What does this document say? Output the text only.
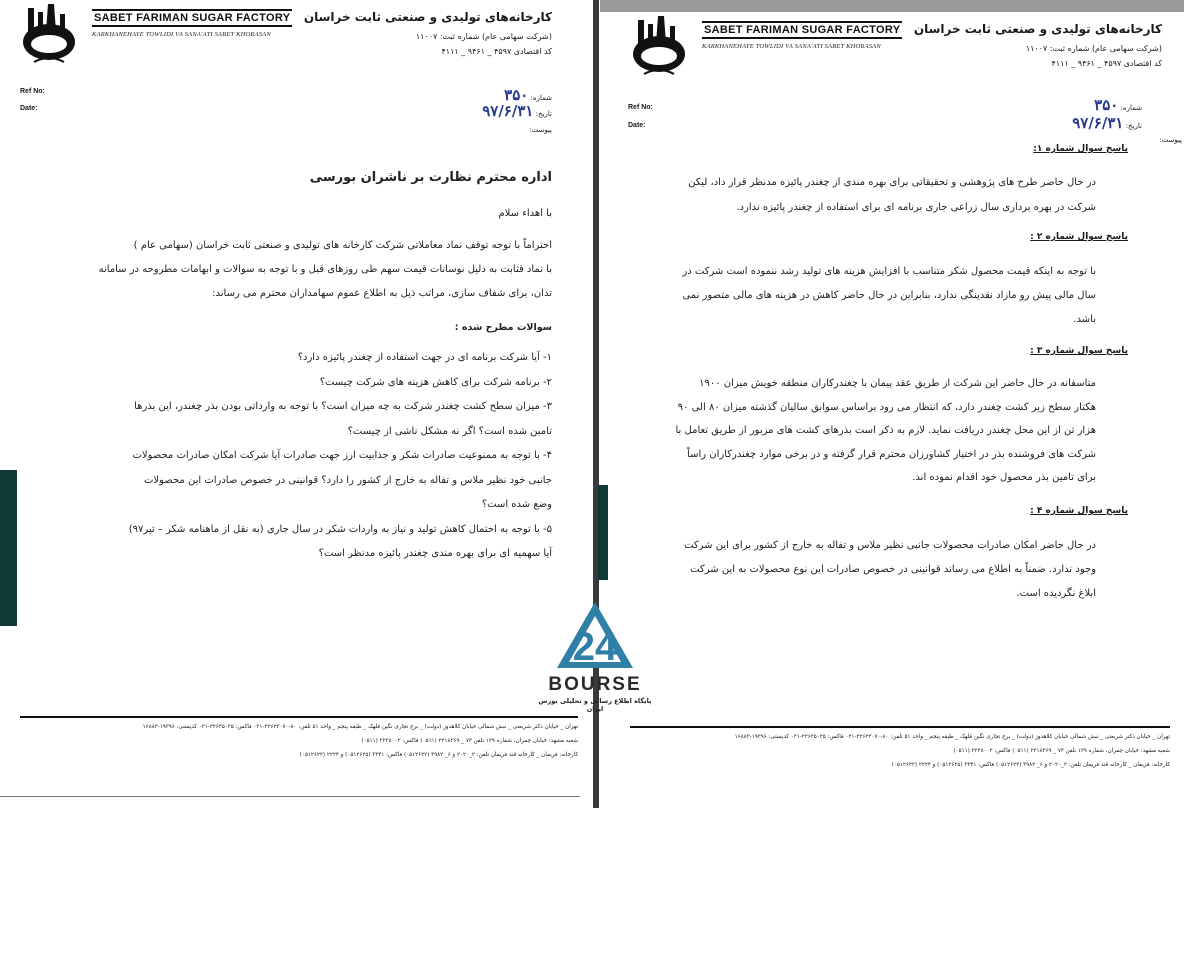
SABET FARIMAN SUGAR FACTORY
KARKHANEHAYE TOWLIDI VA SANA'ATI SABET KHORASAN
کارخانه‌های تولیدی و صنعتی ثابت خراسان
(شرکت سهامی عام) شماره ثبت: ۱۱۰۰۷
کد اقتصادی ۴۵۹۷ _ ۹۴۶۱ _ ۴۱۱۱
Ref No:
Date:
شماره: ۳۵۰
تاریخ: ۹۷/۶/۳۱
پیوست:
اداره محترم نظارت بر ناشران بورسی
با اهداء سلام
احتراماً با توجه توقف نماد معاملاتی شرکت کارخانه های تولیدی و صنعتی ثابت خراسان (سهامی عام )
با نماد قثابت به دلیل نوسانات قیمت سهم طی روزهای قبل و با توجه به سوالات و ابهامات مطروحه در سامانه
تدان، برای شفاف سازی، مراتب ذیل به اطلاع عموم سهامداران محترم می رساند:
سوالات مطرح شده :
۱- آیا شرکت برنامه ای در جهت استفاده از چغندر پائیزه دارد؟
۲- برنامه شرکت برای کاهش هزینه های شرکت چیست؟
۳- میزان سطح کشت چغندر شرکت به چه میزان است؟ با توجه به وارداتی بودن بذر چغندر، این بذرها
تامین شده است؟ اگر نه مشکل ناشی از چیست؟
۴- با توجه به ممنوعیت صادرات شکر و جذابیت ارز جهت صادرات آیا شرکت امکان صادرات محصولات
جانبی خود نظیر ملاس و تفاله به خارج از کشور را دارد؟ قوانینی در خصوص صادرات این محصولات
وضع شده است؟
۵- با توجه به احتمال کاهش تولید و نیاز به واردات شکر در سال جاری (به نقل از ماهنامه شکر – تیر۹۷)
آیا سهمیه ای برای بهره مندی چغندر پائیزه مدنظر است؟
تهران _ خیابان دکتر شریعتی _ نبش شمالی خیابان کلاهدوز (دولت) _ برج تجاری نگین قلهک _ طبقه پنجم _ واحد ۵۱ تلفن: ۸۰-۲۲۶۲۳۰۷۰-۰۲۱ فاکس: ۲۲۶۳۵۰۲۵-۰۲۱ کدپستی: ۱۹۳۹۶-۱۶۸۸۳
شعبه مشهد: خیابان چمران، شماره ۱۳۹ تلفن ۷۳ _ ۲۲۱۸۳۶۹ (۰۵۱۱) فاکس: ۲۲۳۸۰۰۲ (۰۵۱۱)
کارخانه: فریمان _ کارخانه قند فریمان تلفن: ۲_۲۰۲۰ و ۶_ ۳۹۸۲ (۰۵۱۲۶۲۲) فاکس: ۳۳۴۱ (۰۵۱۲۶۲۵) و ۲۲۲۴ (۰۵۱۲۶۲۲)
SABET FARIMAN SUGAR FACTORY
KARKHANEHAYE TOWLIDI VA SANA'ATI SABET KHORASAN
کارخانه‌های تولیدی و صنعتی ثابت خراسان
(شرکت سهامی عام) شماره ثبت: ۱۱۰۰۷
کد اقتصادی ۴۵۹۷ _ ۹۴۶۱ _ ۴۱۱۱
Ref No:
Date:
شماره: ۳۵۰
تاریخ: ۹۷/۶/۳۱
پیوست:
پاسخ سوال شماره ۱:
در حال حاضر طرح های پژوهشی و تحقیقاتی برای بهره مندی از چغندر پائیزه مدنظر قرار داد، لیکن
شرکت در بهره برداری سال زراعی جاری برنامه ای برای استفاده از چغندر پائیزه ندارد.
پاسخ سوال شماره ۲ :
با توجه به اینکه قیمت محصول شکر متناسب با افزایش هزینه های تولید رشد ننموده است شرکت در
سال مالی پیش رو مازاد نقدینگی ندارد، بنابراین در حال حاضر کاهش در هزینه های مالی متصور نمی
باشد.
پاسخ سوال شماره ۳ :
متاسفانه در حال حاضر این شرکت از طریق عقد پیمان با چغندرکاران منطقه خویش میزان ۱۹۰۰
هکتار سطح زیر کشت چغندر دارد، که انتظار می رود براساس سوابق سالیان گذشته میزان ۸۰ الی ۹۰
هزار تن از این محل چغندر دریافت نماید. لازم به ذکر است بذرهای کشت های مزبور از طریق تعامل با
شرکت های فروشنده بذر در اختیار کشاورزان محترم قرار گرفته و در برخی موارد چغندرکاران راساً
برای تامین بذر محصول خود اقدام نموده اند.
پاسخ سوال شماره ۴ :
در حال حاضر امکان صادرات محصولات جانبی نظیر ملاس و تفاله به خارج از کشور برای این شرکت
وجود ندارد. ضمناً به اطلاع می رساند قوانینی در خصوص صادرات این نوع محصولات به این شرکت
ابلاغ نگردیده است.
تهران _ خیابان دکتر شریعتی _ نبش شمالی خیابان کلاهدوز (دولت) _ برج تجاری نگین قلهک _ طبقه پنجم _ واحد ۵۱ تلفن: ۸۰-۲۲۶۲۳۰۷۰-۰۲۱ فاکس: ۲۲۶۳۵۰۲۵-۰۲۱ کدپستی: ۱۹۳۹۶-۱۶۸۸۳
شعبه مشهد: خیابان چمران، شماره ۱۳۹ تلفن ۷۳ _ ۲۲۱۸۳۶۹ (۰۵۱۱) فاکس: ۲۲۳۸۰۰۲ (۰۵۱۱)
کارخانه: فریمان _ کارخانه قند فریمان تلفن: ۲_۲۰۲۰ و ۶_ ۳۹۸۲ (۰۵۱۲۶۲۲) فاکس: ۳۳۴۱ (۰۵۱۲۶۲۵) و ۲۲۲۴ (۰۵۱۲۶۲۲)
24
BOURSE
پایگاه اطلاع رسانی و تحلیلی بورس ایران
